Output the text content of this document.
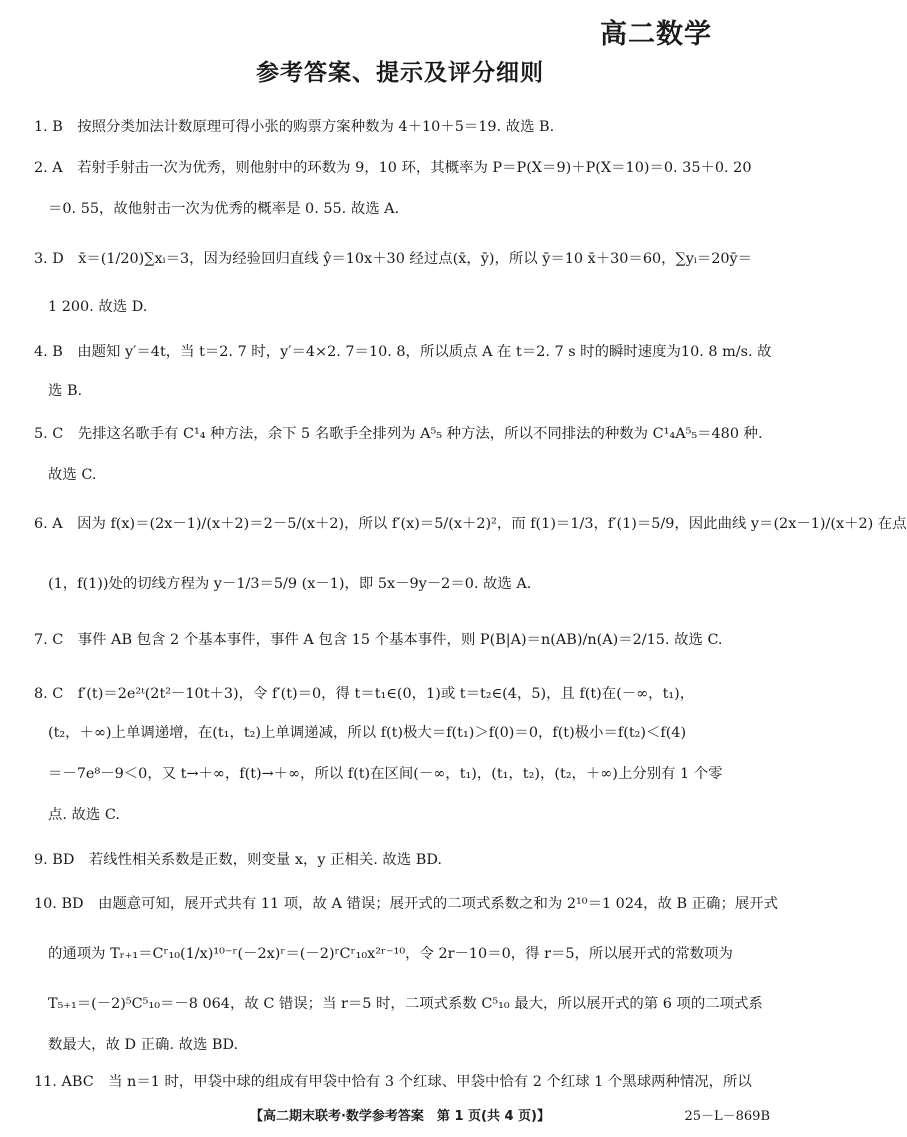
高二数学
参考答案、提示及评分细则
1. B　按照分类加法计数原理可得小张的购票方案种数为 4＋10＋5＝19. 故选 B.
2. A　若射手射击一次为优秀，则他射中的环数为 9，10 环，其概率为 P＝P(X＝9)＋P(X＝10)＝0. 35＋0. 20
＝0. 55，故他射击一次为优秀的概率是 0. 55. 故选 A.
3. D　x̄＝(1/20)∑xᵢ＝3，因为经验回归直线 ŷ＝10x＋30 经过点(x̄，ȳ)，所以 ȳ＝10 x̄＋30＝60，∑yᵢ＝20ȳ＝
1 200. 故选 D.
4. B　由题知 y′＝4t，当 t＝2. 7 时，y′＝4×2. 7＝10. 8，所以质点 A 在 t＝2. 7 s 时的瞬时速度为10. 8 m/s. 故
选 B.
5. C　先排这名歌手有 C¹₄ 种方法，余下 5 名歌手全排列为 A⁵₅ 种方法，所以不同排法的种数为 C¹₄A⁵₅＝480 种.
故选 C.
6. A　因为 f(x)＝(2x－1)/(x＋2)＝2－5/(x＋2)，所以 f′(x)＝5/(x＋2)²，而 f(1)＝1/3，f′(1)＝5/9，因此曲线 y＝(2x－1)/(x＋2) 在点
(1，f(1))处的切线方程为 y－1/3＝5/9 (x－1)，即 5x－9y－2＝0. 故选 A.
7. C　事件 AB 包含 2 个基本事件，事件 A 包含 15 个基本事件，则 P(B|A)＝n(AB)/n(A)＝2/15. 故选 C.
8. C　f′(t)＝2e²ᵗ(2t²－10t＋3)，令 f′(t)＝0，得 t＝t₁∈(0，1)或 t＝t₂∈(4，5)，且 f(t)在(－∞，t₁)，
(t₂，＋∞)上单调递增，在(t₁，t₂)上单调递减，所以 f(t)极大＝f(t₁)＞f(0)＝0，f(t)极小＝f(t₂)＜f(4)
＝－7e⁸－9＜0，又 t→＋∞，f(t)→＋∞，所以 f(t)在区间(－∞，t₁)，(t₁，t₂)，(t₂，＋∞)上分别有 1 个零
点. 故选 C.
9. BD　若线性相关系数是正数，则变量 x，y 正相关. 故选 BD.
10. BD　由题意可知，展开式共有 11 项，故 A 错误；展开式的二项式系数之和为 2¹⁰＝1 024，故 B 正确；展开式
的通项为 Tᵣ₊₁＝Cʳ₁₀(1/x)¹⁰⁻ʳ(－2x)ʳ＝(－2)ʳCʳ₁₀x²ʳ⁻¹⁰，令 2r－10＝0，得 r＝5，所以展开式的常数项为
T₅₊₁＝(－2)⁵C⁵₁₀＝－8 064，故 C 错误；当 r＝5 时，二项式系数 C⁵₁₀ 最大，所以展开式的第 6 项的二项式系
数最大，故 D 正确. 故选 BD.
11. ABC　当 n＝1 时，甲袋中球的组成有甲袋中恰有 3 个红球、甲袋中恰有 2 个红球 1 个黑球两种情况，所以
【高二期末联考·数学参考答案　第 1 页(共 4 页)】	25－L－869B
